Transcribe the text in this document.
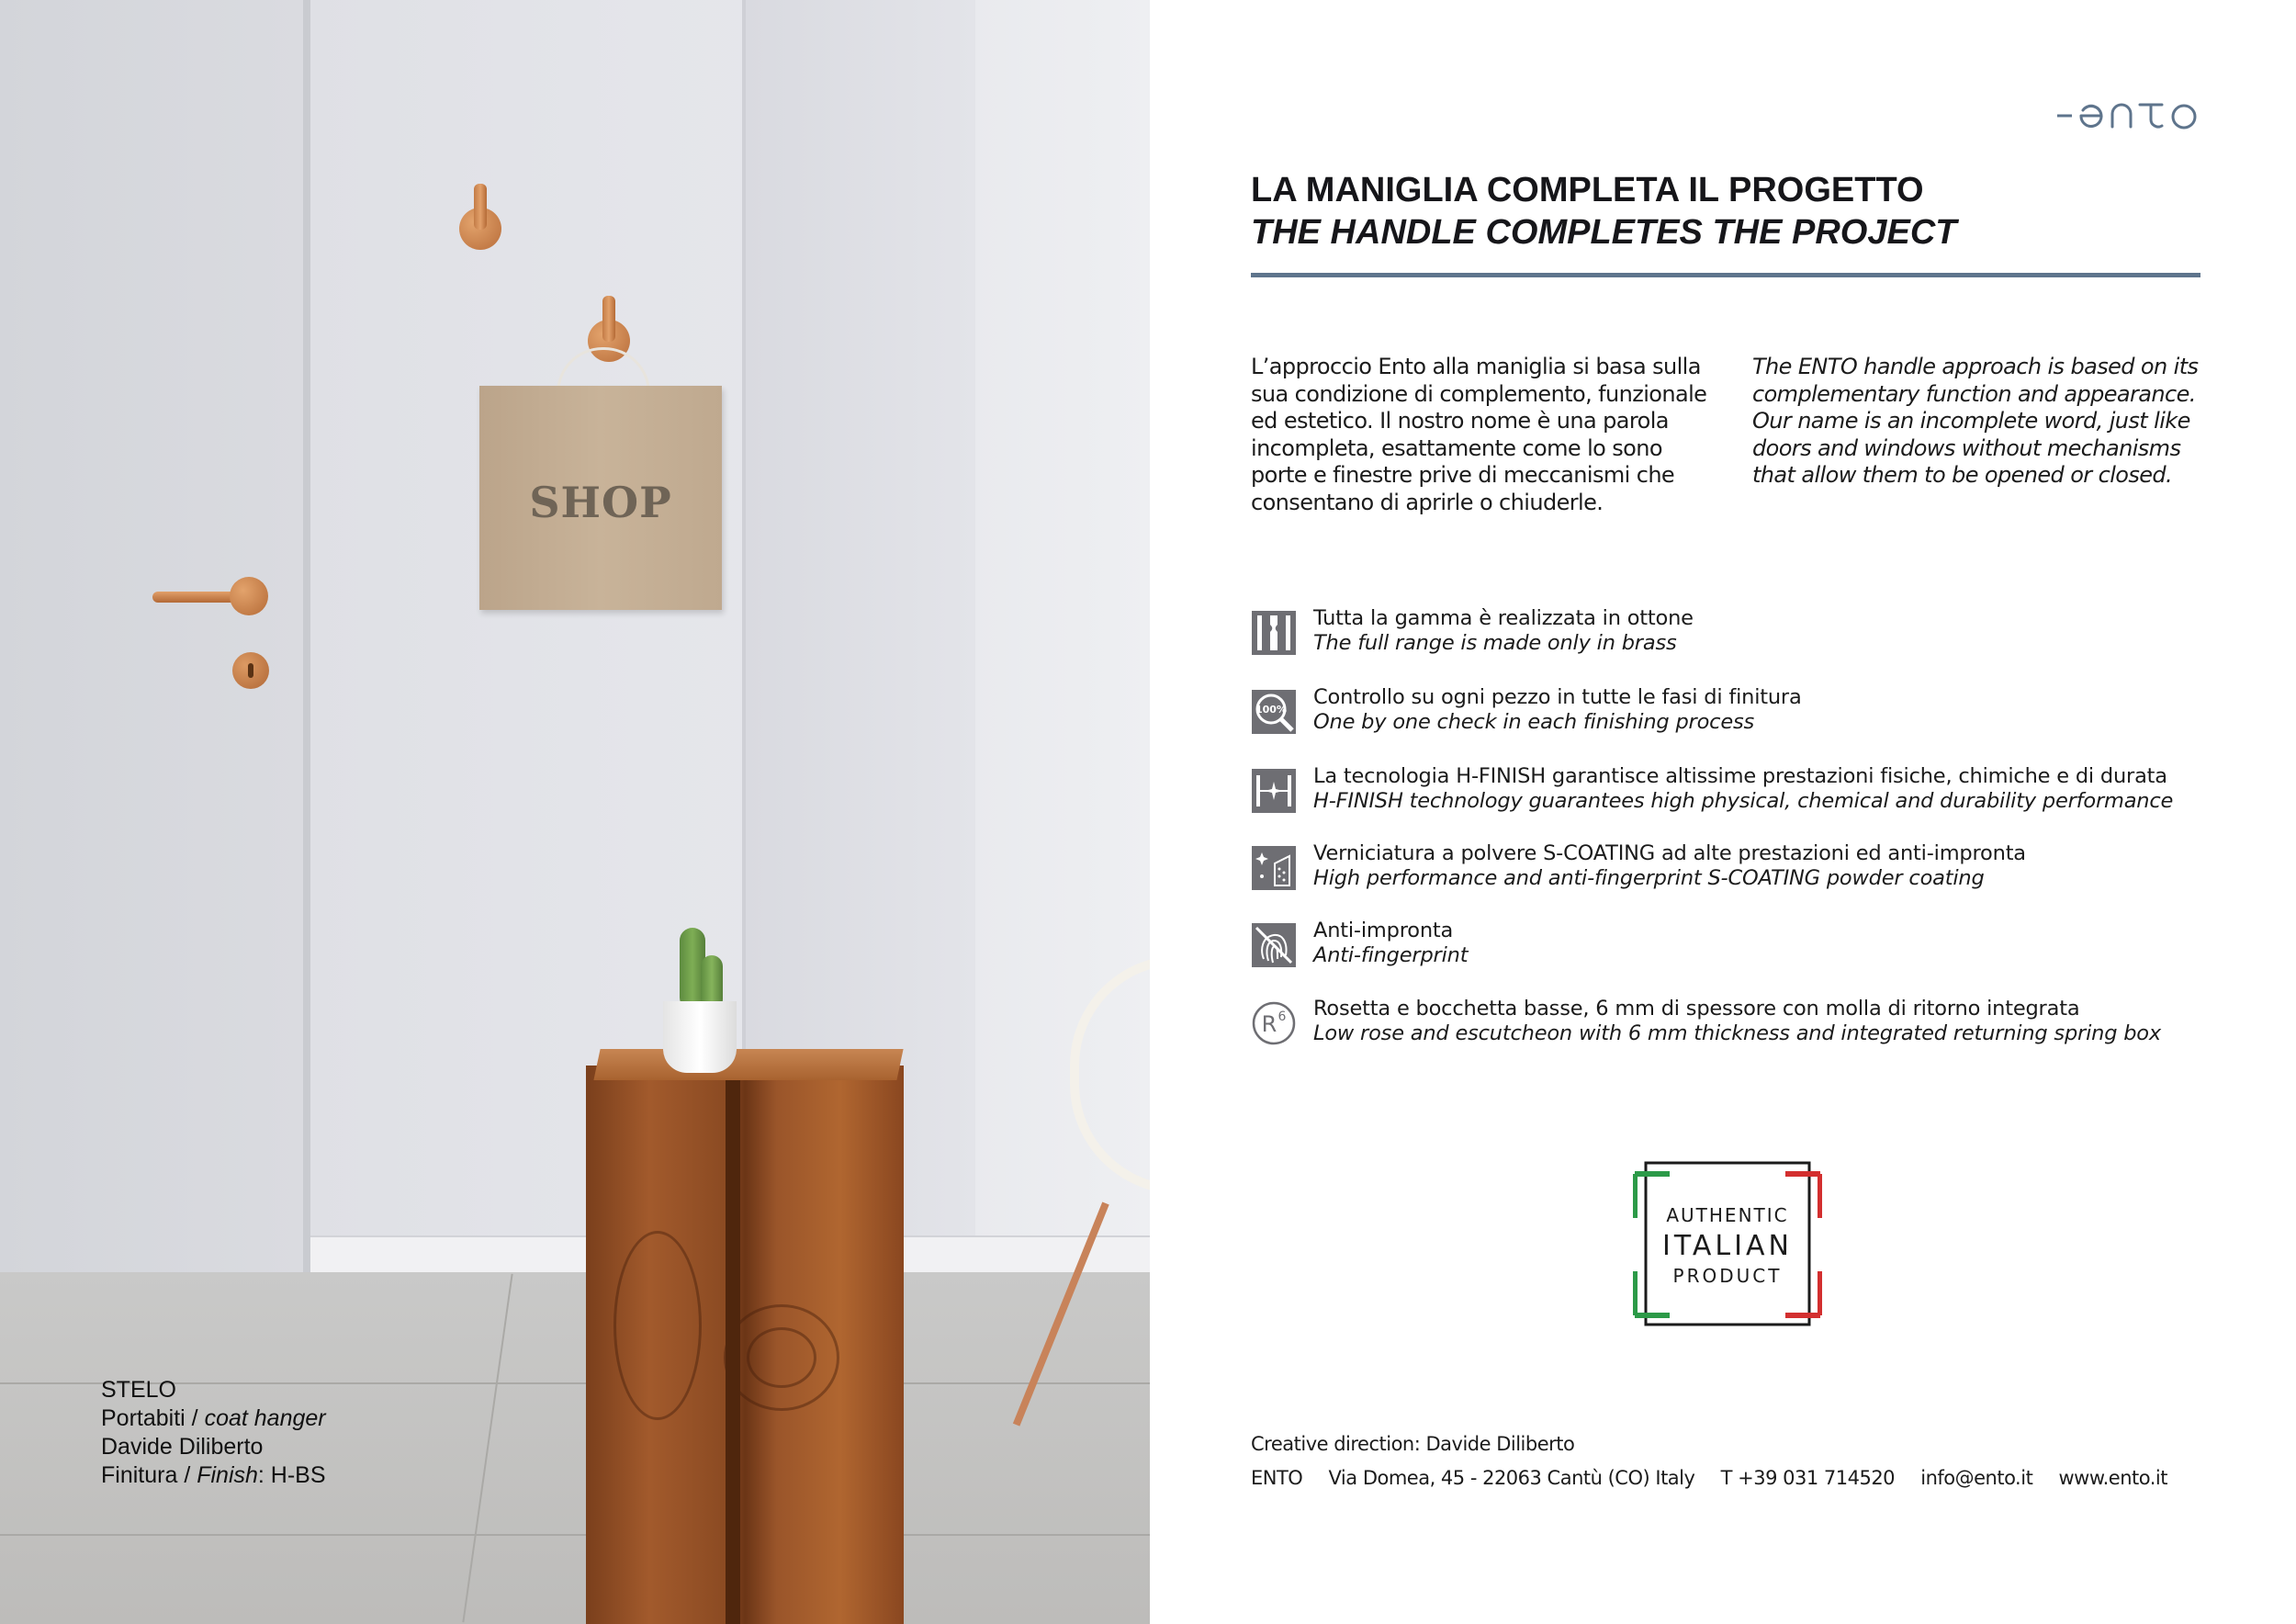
SHOP
STELO
Portabiti / coat hanger
Davide Diliberto
Finitura / Finish: H-BS
LA MANIGLIA COMPLETA IL PROGETTO
THE HANDLE COMPLETES THE PROJECT
L’approccio Ento alla maniglia si basa sulla sua condizione di complemento, funzionale ed estetico. Il nostro nome è una parola incompleta, esattamente come lo sono porte e finestre prive di meccanismi che consentano di aprirle o chiuderle.
The ENTO handle approach is based on its complementary function and appearance. Our name is an incomplete word, just like doors and windows without mechanisms that allow them to be opened or closed.
Tutta la gamma è realizzata in ottone
The full range is made only in brass
100%
Controllo su ogni pezzo in tutte le fasi di finitura
One by one check in each finishing process
La tecnologia H-FINISH garantisce altissime prestazioni fisiche, chimiche e di durata
H-FINISH technology guarantees high physical, chemical and durability performance
Verniciatura a polvere S-COATING ad alte prestazioni ed anti-impronta
High performance and anti-fingerprint S-COATING powder coating
Anti-impronta
Anti-fingerprint
R 6 Rosetta e bocchetta basse, 6 mm di spessore con molla di ritorno integrata
Low rose and escutcheon with 6 mm thickness and integrated returning spring box
AUTHENTIC
ITALIAN
PRODUCT
Creative direction: Davide Diliberto
ENTO Via Domea, 45 - 22063 Cantù (CO) Italy T +39 031 714520 info@ento.it www.ento.it
